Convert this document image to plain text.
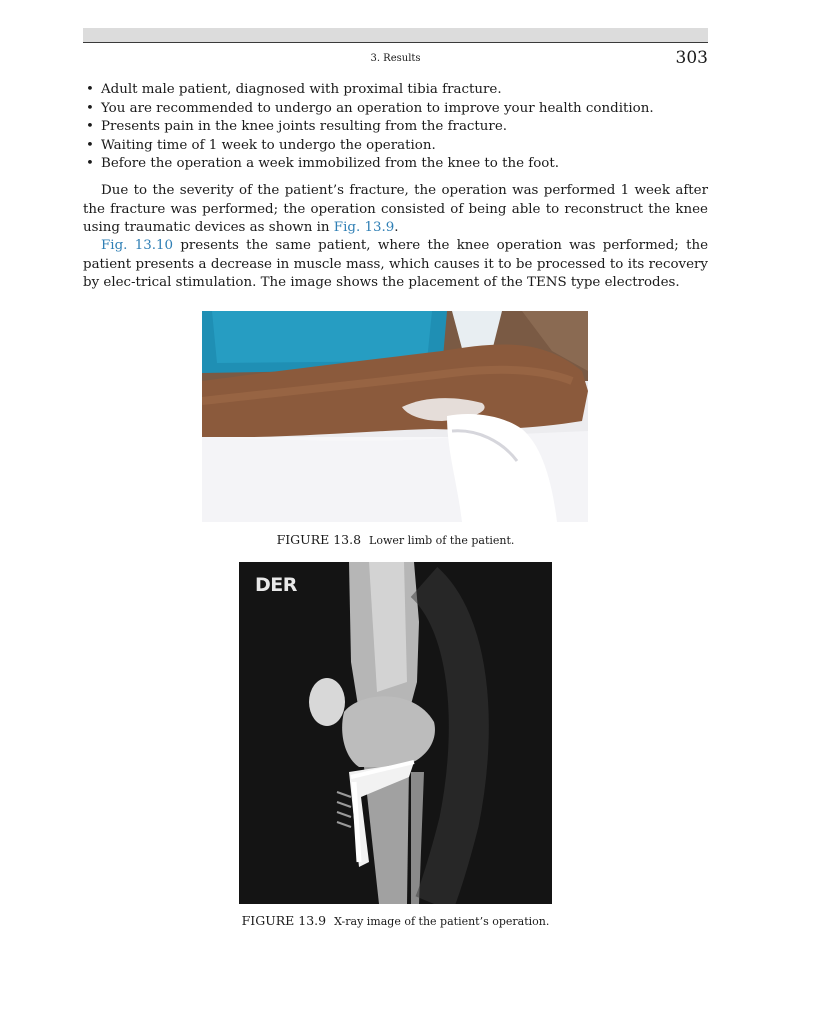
3. Results	303
• Adult male patient, diagnosed with proximal tibia fracture.
• You are recommended to undergo an operation to improve your health condition.
• Presents pain in the knee joints resulting from the fracture.
• Waiting time of 1 week to undergo the operation.
• Before the operation a week immobilized from the knee to the foot.

Due to the severity of the patient’s fracture, the operation was performed 1 week after the fracture was performed; the operation consisted of being able to reconstruct the knee using traumatic devices as shown in Fig. 13.9.

Fig. 13.10 presents the same patient, where the knee operation was performed; the patient presents a decrease in muscle mass, which causes it to be processed to its recovery by elec-trical stimulation. The image shows the placement of the TENS type electrodes.

FIGURE 13.8 Lower limb of the patient.
DER
FIGURE 13.9 X-ray image of the patient’s operation.
